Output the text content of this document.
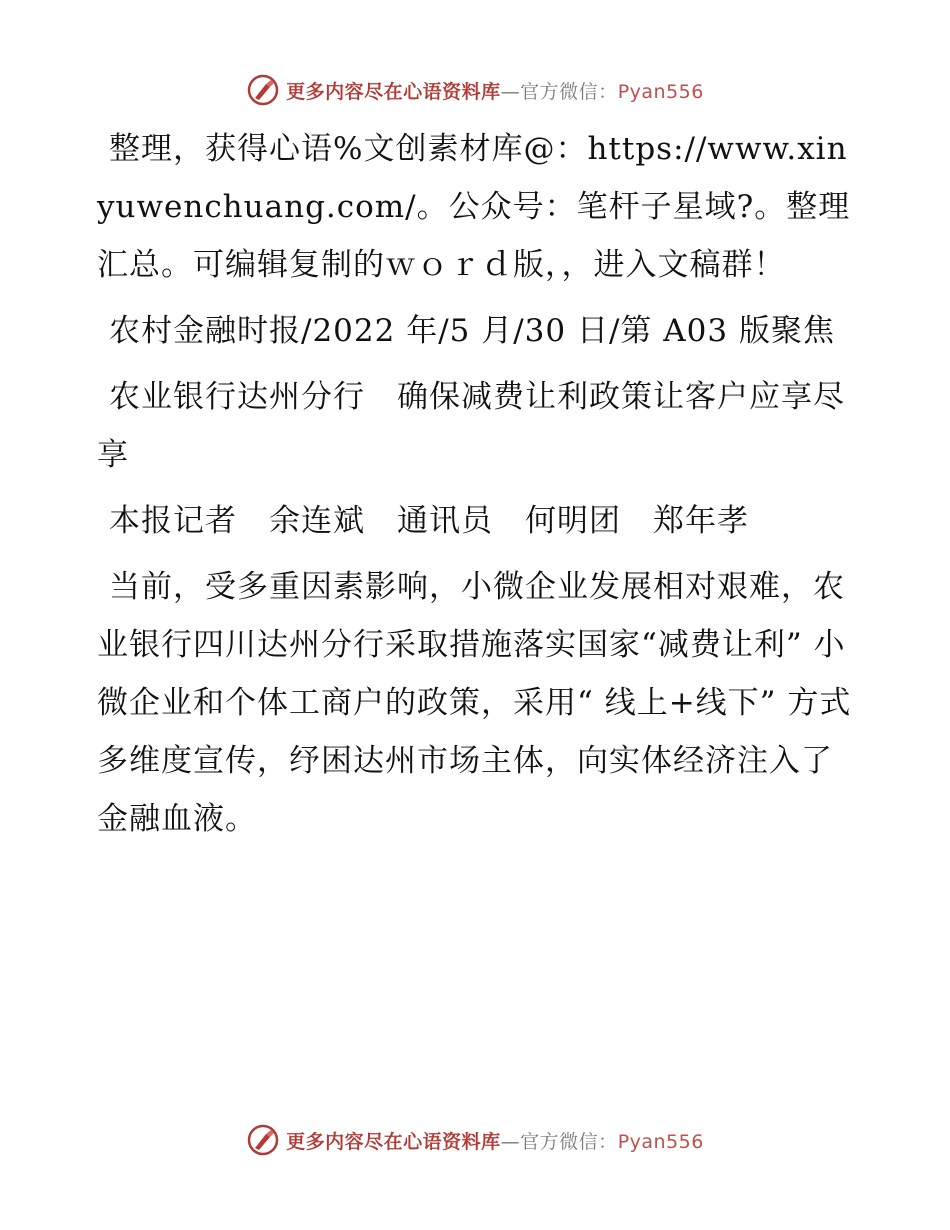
更多内容尽在心语资料库—官方微信：Pyan556

整理，获得心语%文创素材库@：https://www.xinyuwenchuang.com/。公众号：笔杆子星域?。整理汇总。可编辑复制的ｗｏｒｄ版，，进入文稿群！

农村金融时报/2022 年/5 月/30 日/第 A03 版聚焦

农业银行达州分行　确保减费让利政策让客户应享尽享

本报记者　余连斌　通讯员　何明团　郑年孝

当前，受多重因素影响，小微企业发展相对艰难，农业银行四川达州分行采取措施落实国家“减费让利” 小微企业和个体工商户的政策，采用“ 线上+线下” 方式多维度宣传，纾困达州市场主体，向实体经济注入了金融血液。

更多内容尽在心语资料库—官方微信：Pyan556
